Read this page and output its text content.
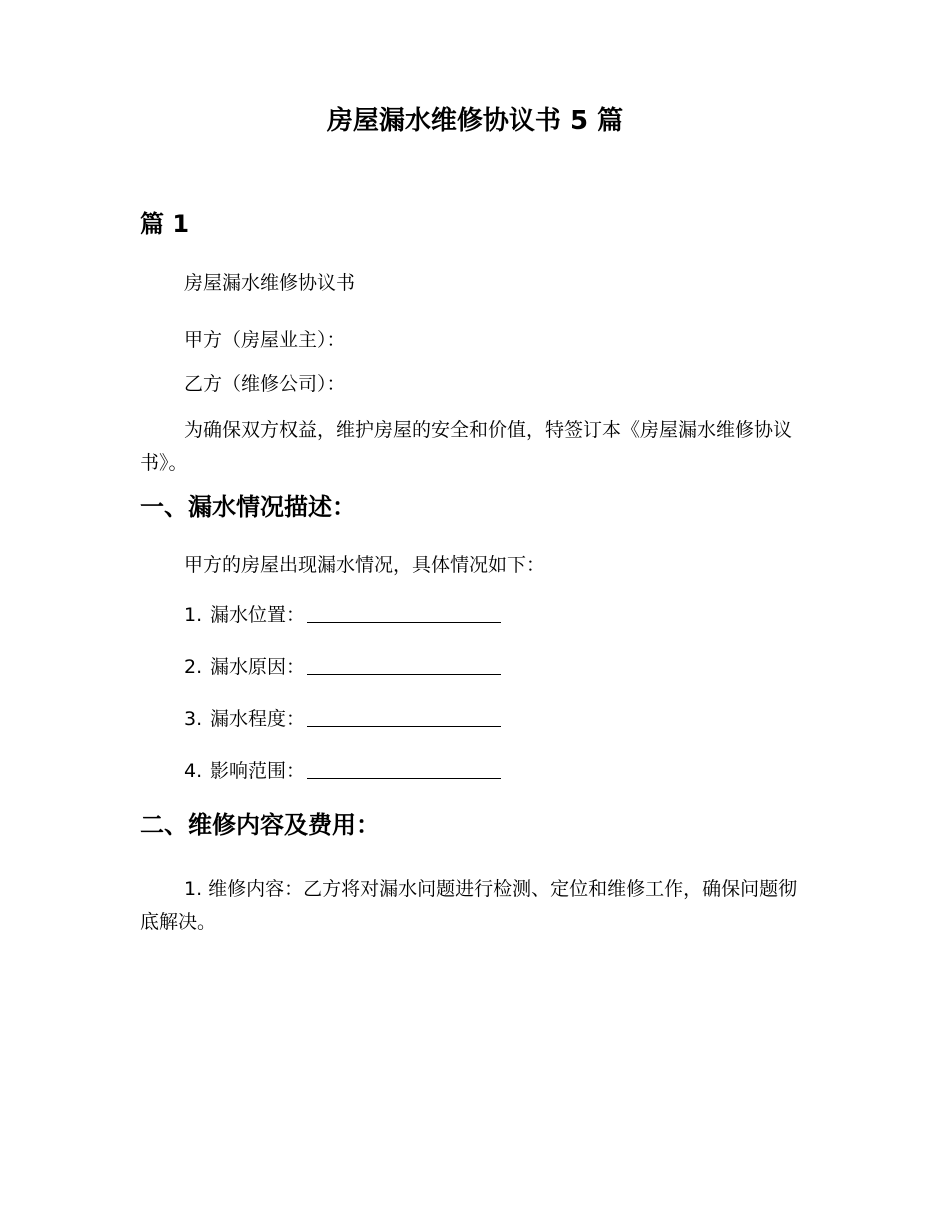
房屋漏水维修协议书 5 篇
篇 1
房屋漏水维修协议书
甲方（房屋业主）：
乙方（维修公司）：
为确保双方权益，维护房屋的安全和价值，特签订本《房屋漏水维修协议书》。
一、漏水情况描述：
甲方的房屋出现漏水情况，具体情况如下：
1. 漏水位置：
2. 漏水原因：
3. 漏水程度：
4. 影响范围：
二、维修内容及费用：
1. 维修内容：乙方将对漏水问题进行检测、定位和维修工作，确保问题彻底解决。
